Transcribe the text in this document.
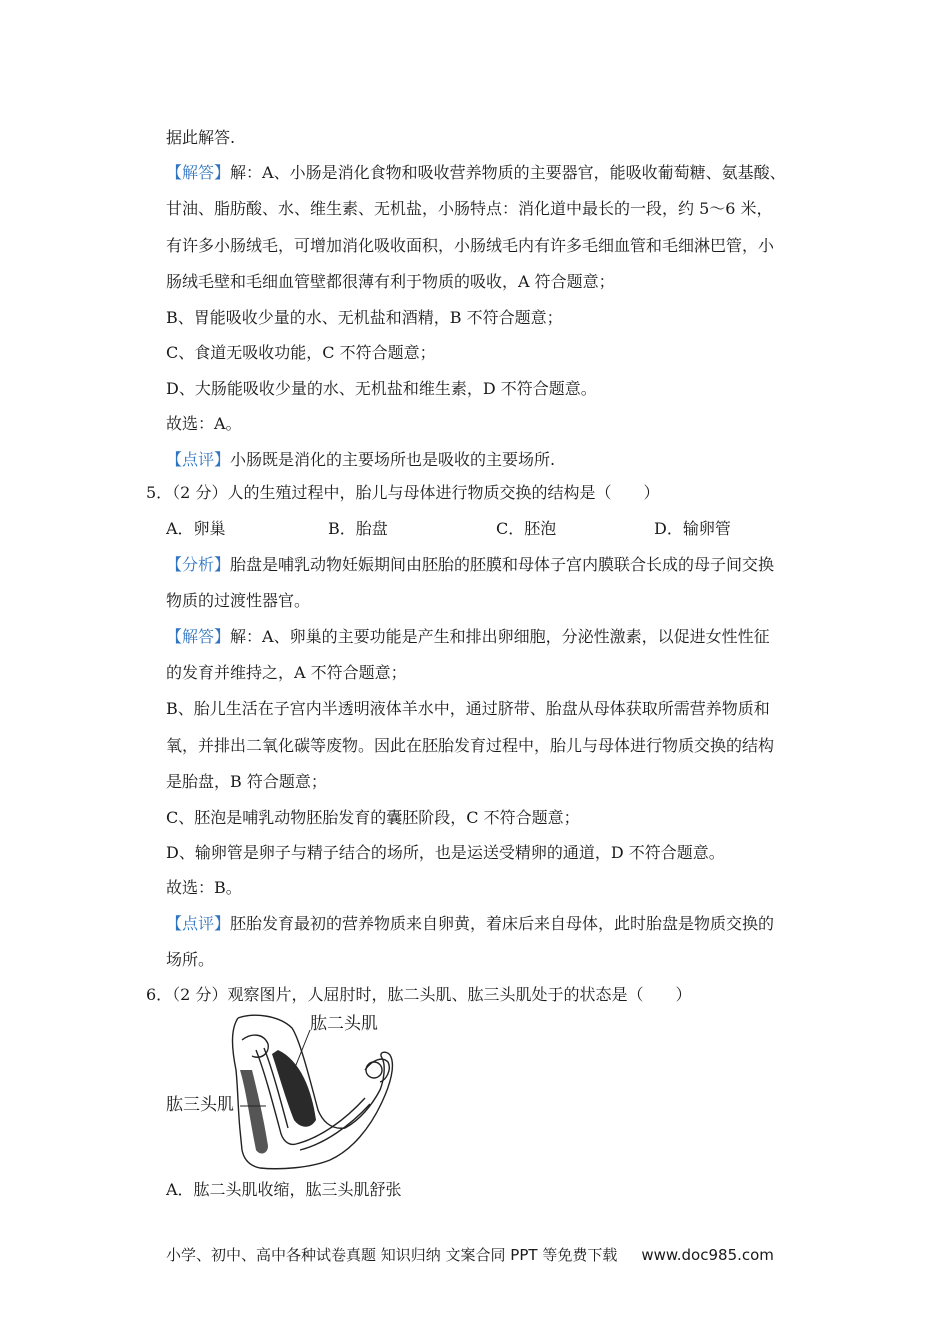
据此解答.
【解答】解：A、小肠是消化食物和吸收营养物质的主要器官，能吸收葡萄糖、氨基酸、
甘油、脂肪酸、水、维生素、无机盐，小肠特点：消化道中最长的一段，约 5～6 米，
有许多小肠绒毛，可增加消化吸收面积，小肠绒毛内有许多毛细血管和毛细淋巴管，小
肠绒毛壁和毛细血管壁都很薄有利于物质的吸收，A 符合题意；
B、胃能吸收少量的水、无机盐和酒精，B 不符合题意；
C、食道无吸收功能，C 不符合题意；
D、大肠能吸收少量的水、无机盐和维生素，D 不符合题意。
故选：A。
【点评】小肠既是消化的主要场所也是吸收的主要场所.
5．（2 分）人的生殖过程中，胎儿与母体进行物质交换的结构是（　　）
A．卵巢	B．胎盘	C．胚泡	D．输卵管
【分析】胎盘是哺乳动物妊娠期间由胚胎的胚膜和母体子宫内膜联合长成的母子间交换
物质的过渡性器官。
【解答】解：A、卵巢的主要功能是产生和排出卵细胞，分泌性激素，以促进女性性征
的发育并维持之，A 不符合题意；
B、胎儿生活在子宫内半透明液体羊水中，通过脐带、胎盘从母体获取所需营养物质和
氧，并排出二氧化碳等废物。因此在胚胎发育过程中，胎儿与母体进行物质交换的结构
是胎盘，B 符合题意；
C、胚泡是哺乳动物胚胎发育的囊胚阶段，C 不符合题意；
D、输卵管是卵子与精子结合的场所，也是运送受精卵的通道，D 不符合题意。
故选：B。
【点评】胚胎发育最初的营养物质来自卵黄，着床后来自母体，此时胎盘是物质交换的
场所。
6．（2 分）观察图片，人屈肘时，肱二头肌、肱三头肌处于的状态是（　　）
肱二头肌
肱三头肌
A．肱二头肌收缩，肱三头肌舒张
小学、初中、高中各种试卷真题 知识归纳 文案合同 PPT 等免费下载 www.doc985.com
